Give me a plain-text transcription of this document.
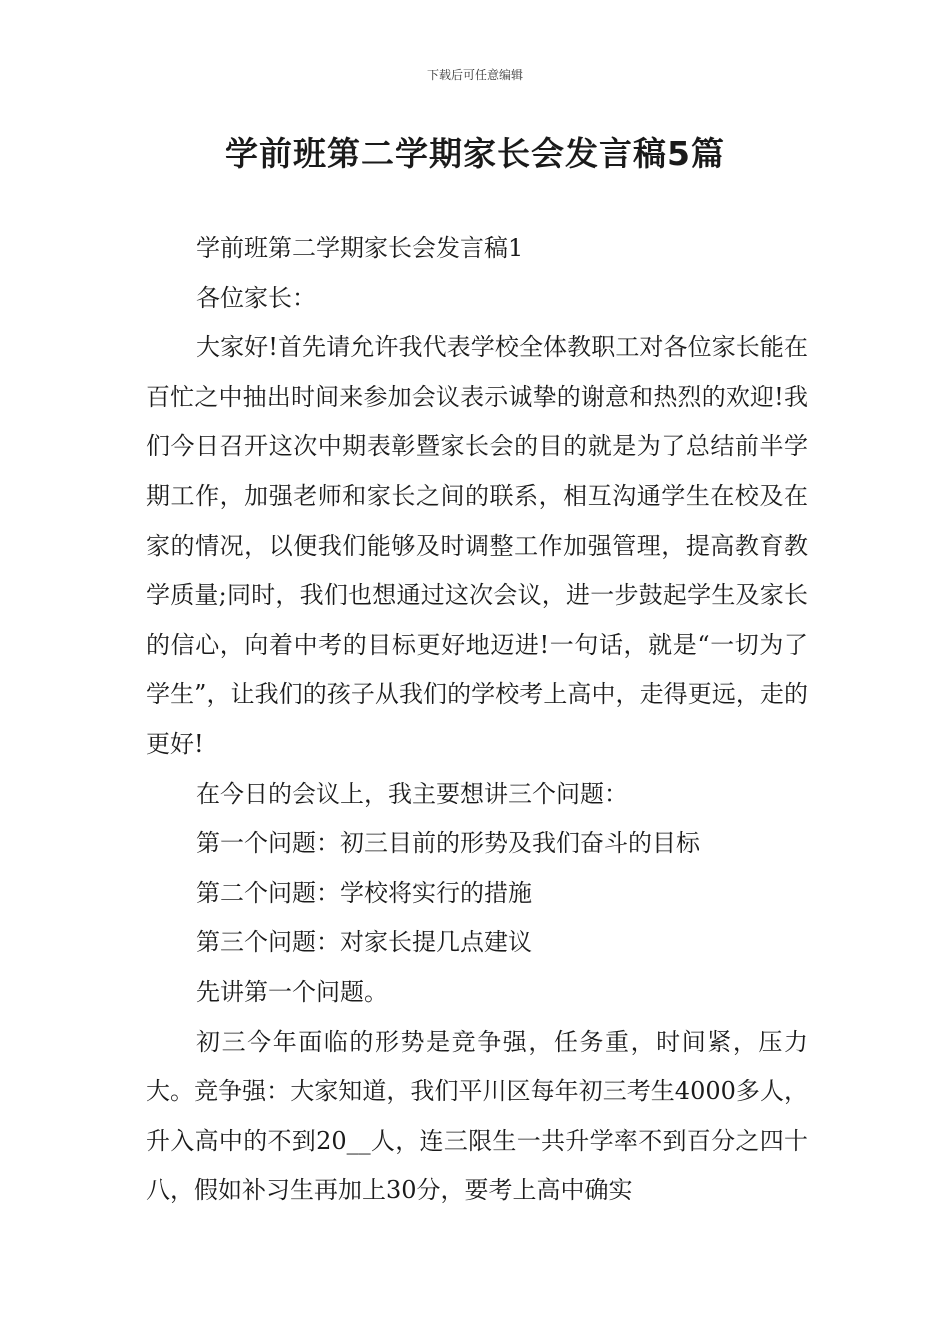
下载后可任意编辑
学前班第二学期家长会发言稿5篇

学前班第二学期家长会发言稿1

各位家长：

大家好!首先请允许我代表学校全体教职工对各位家长能在百忙之中抽出时间来参加会议表示诚挚的谢意和热烈的欢迎!我们今日召开这次中期表彰暨家长会的目的就是为了总结前半学期工作，加强老师和家长之间的联系，相互沟通学生在校及在家的情况，以便我们能够及时调整工作加强管理，提高教育教学质量;同时，我们也想通过这次会议，进一步鼓起学生及家长的信心，向着中考的目标更好地迈进!一句话，就是“一切为了学生”，让我们的孩子从我们的学校考上高中，走得更远，走的更好!

在今日的会议上，我主要想讲三个问题：

第一个问题：初三目前的形势及我们奋斗的目标

第二个问题：学校将实行的措施

第三个问题：对家长提几点建议

先讲第一个问题。

初三今年面临的形势是竞争强，任务重，时间紧，压力大。竞争强：大家知道，我们平川区每年初三考生4000多人，升入高中的不到20__人，连三限生一共升学率不到百分之四十八，假如补习生再加上30分，要考上高中确实
